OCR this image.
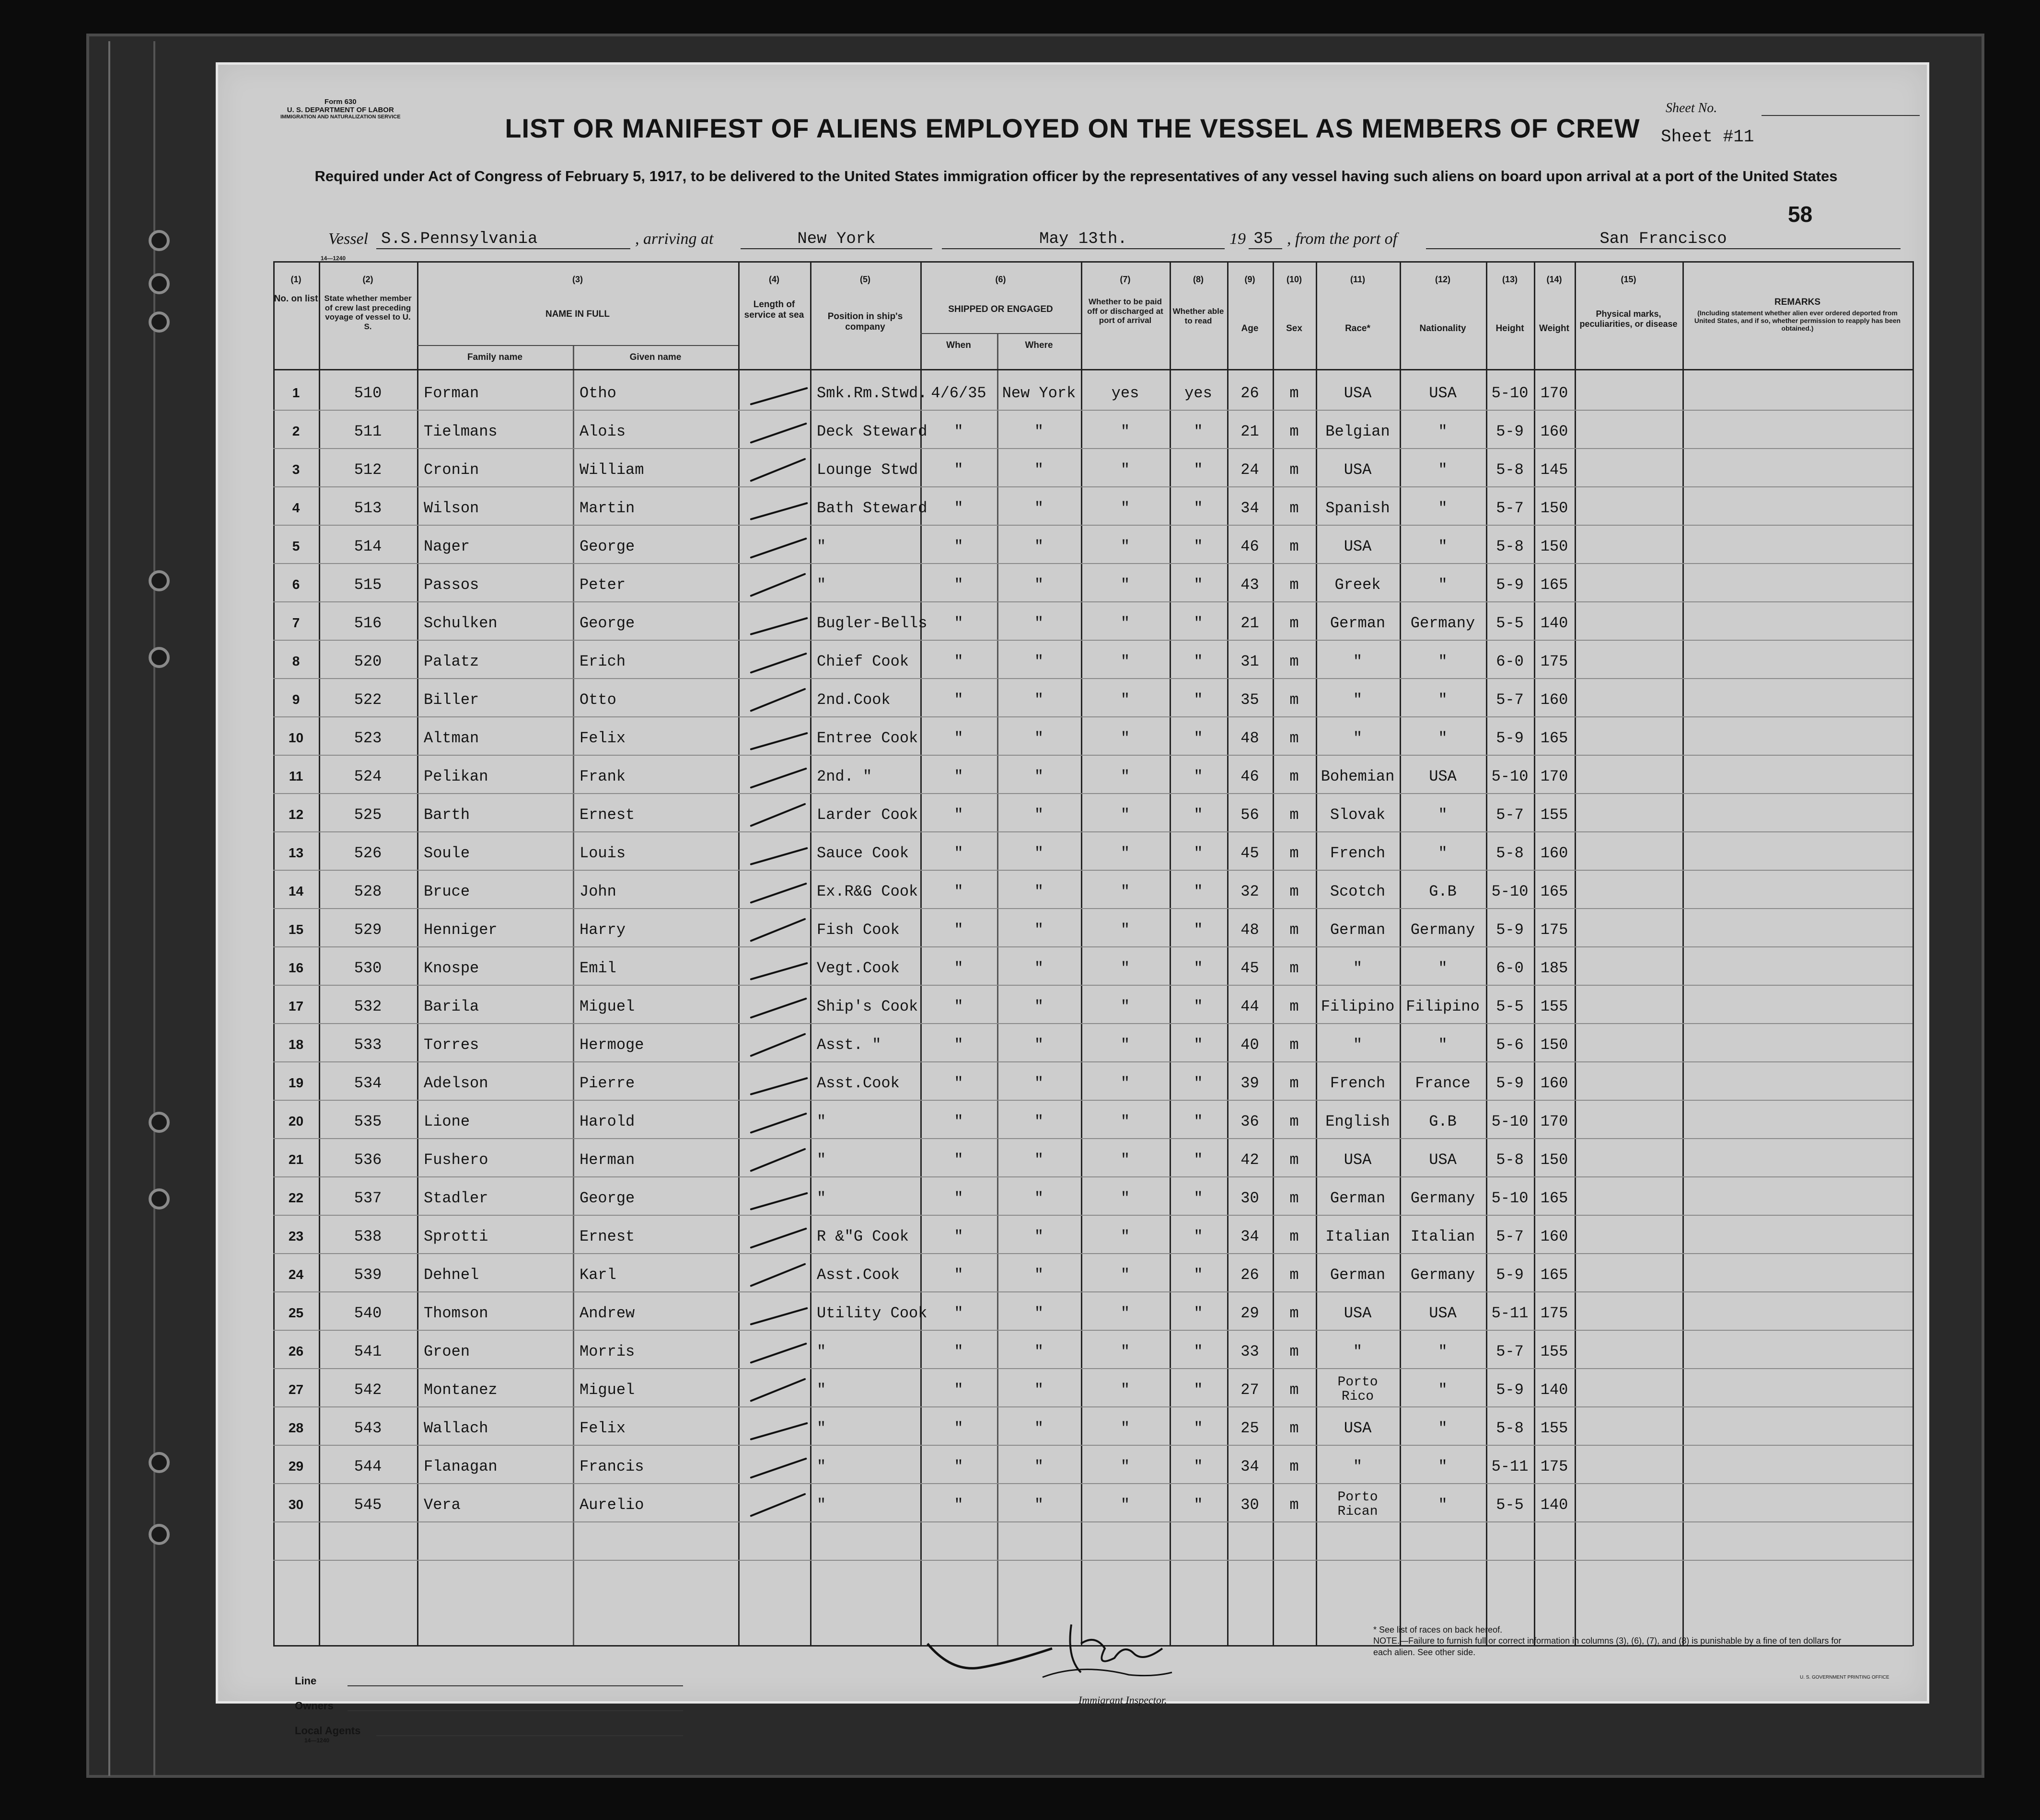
Form 630
U. S. DEPARTMENT OF LABOR
IMMIGRATION AND NATURALIZATION SERVICE
Sheet No.
Sheet #11
LIST OR MANIFEST OF ALIENS EMPLOYED ON THE VESSEL AS MEMBERS OF CREW
Required under Act of Congress of February 5, 1917, to be delivered to the United States immigration officer by the representatives of any vessel having such aliens on board upon arrival at a port of the United States
58
Vessel S.S.Pennsylvania	, arriving at	New York	May 13th.	19 35 , from the port of	San Francisco
14—1240
(1)
No. on list
(2)
State whether member of crew last preceding voyage of vessel to U. S.
(3)
NAME IN FULL
Family name	Given name
(4)
Length of service at sea
(5)
Position in ship's company
(6)
SHIPPED OR ENGAGED
When	Where
(7)
Whether to be paid off or discharged at port of arrival
(8)
Whether able to read
(9)
Age
(10)
Sex
(11)
Race*
(12)
Nationality
(13)
Height
(14)
Weight
(15)
Physical marks, peculiarities, or disease
REMARKS
(Including statement whether alien ever ordered deported from United States, and if so, whether permission to reapply has been obtained.)
1	510	Forman	Otho	Smk.Rm.Stwd. 4/6/35	New York	yes	yes	26	m	USA	USA	5-10 170
2	511	Tielmans	Alois	Deck Steward	"	"	"	"	21	m	Belgian	"	5-9	160
3	512	Cronin	William	Lounge Stwd	"	"	"	"	24	m	USA	"	5-8	145
4	513	Wilson	Martin	Bath Steward	"	"	"	"	34	m	Spanish	"	5-7	150
5	514	Nager	George	"	"	"	"	"	46	m	USA	"	5-8	150
6	515	Passos	Peter	"	"	"	"	"	43	m	Greek	"	5-9	165
7	516	Schulken	George	Bugler-Bells	"	"	"	"	21	m	German	Germany	5-5	140
8	520	Palatz	Erich	Chief Cook	"	"	"	"	31	m	"	"	6-0	175
9	522	Biller	Otto	2nd.Cook	"	"	"	"	35	m	"	"	5-7	160
10	523	Altman	Felix	Entree Cook	"	"	"	"	48	m	"	"	5-9	165
11	524	Pelikan	Frank	2nd. "	"	"	"	"	46	m	Bohemian	USA	5-10 170
12	525	Barth	Ernest	Larder Cook	"	"	"	"	56	m	Slovak	"	5-7	155
13	526	Soule	Louis	Sauce Cook	"	"	"	"	45	m	French	"	5-8	160
14	528	Bruce	John	Ex.R&G Cook	"	"	"	"	32	m	Scotch	G.B	5-10 165
15	529	Henniger	Harry	Fish Cook	"	"	"	"	48	m	German	Germany	5-9	175
16	530	Knospe	Emil	Vegt.Cook	"	"	"	"	45	m	"	"	6-0	185
17	532	Barila	Miguel	Ship's Cook	"	"	"	"	44	m	Filipino Filipino	5-5	155
18	533	Torres	Hermoge	Asst. "	"	"	"	"	40	m	"	"	5-6	150
19	534	Adelson	Pierre	Asst.Cook	"	"	"	"	39	m	French	France	5-9	160
20	535	Lione	Harold	"	"	"	"	"	36	m	English	G.B	5-10 170
21	536	Fushero	Herman	"	"	"	"	"	42	m	USA	USA	5-8	150
22	537	Stadler	George	"	"	"	"	"	30	m	German	Germany	5-10 165
23	538	Sprotti	Ernest	R &"G Cook	"	"	"	"	34	m	Italian	Italian	5-7	160
24	539	Dehnel	Karl	Asst.Cook	"	"	"	"	26	m	German	Germany	5-9	165
25	540	Thomson	Andrew	Utility Cook	"	"	"	"	29	m	USA	USA	5-11 175
26	541	Groen	Morris	"	"	"	"	"	33	m	"	"	5-7	155
27	542	Montanez	Miguel	"	"	"	"	"	27	m	Porto
Rico	"	5-9	140
28	543	Wallach	Felix	"	"	"	"	"	25	m	USA	"	5-8	155
29	544	Flanagan	Francis	"	"	"	"	"	34	m	"	"	5-11 175
30	545	Vera	Aurelio	"	"	"	"	"	30	m	Porto
Rican	"	5-5	140
Line
Owners
Local Agents
14—1240
Immigrant Inspector.
* See list of races on back hereof.
NOTE.—Failure to furnish full or correct information in columns (3), (6), (7), and (8) is punishable by a fine of ten dollars for each alien. See other side.
U. S. GOVERNMENT PRINTING OFFICE
